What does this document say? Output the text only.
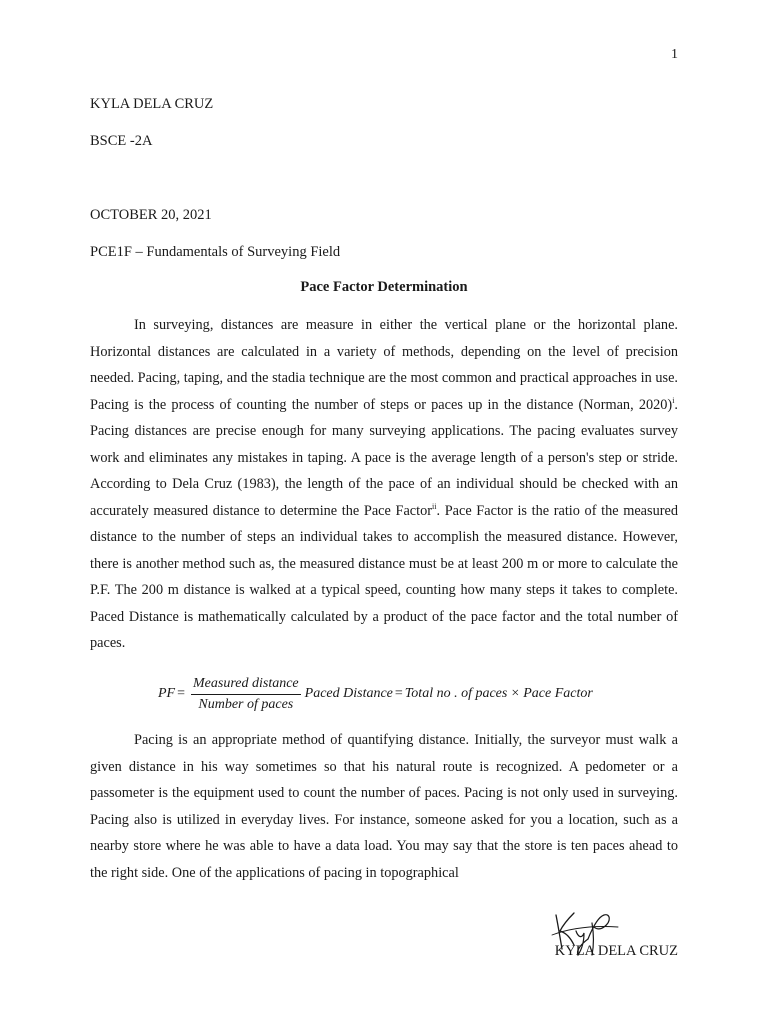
1
KYLA DELA CRUZ
BSCE -2A
OCTOBER 20, 2021
PCE1F – Fundamentals of Surveying Field
Pace Factor Determination

In surveying, distances are measure in either the vertical plane or the horizontal plane. Horizontal distances are calculated in a variety of methods, depending on the level of precision needed. Pacing, taping, and the stadia technique are the most common and practical approaches in use. Pacing is the process of counting the number of steps or paces up in the distance (Norman, 2020)$^i$. Pacing distances are precise enough for many surveying applications. The pacing evaluates survey work and eliminates any mistakes in taping. A pace is the average length of a person's step or stride. According to Dela Cruz (1983), the length of the pace of an individual should be checked with an accurately measured distance to determine the Pace Factor$^{ii}$. Pace Factor is the ratio of the measured distance to the number of steps an individual takes to accomplish the measured distance. However, there is another method such as, the measured distance must be at least 200 m or more to calculate the P.F. The 200 m distance is walked at a typical speed, counting how many steps it takes to complete. Paced Distance is mathematically calculated by a product of the pace factor and the total number of paces.

PF = $\frac{\text{Measured distance}}{\text{Number of paces}}$ Paced Distance = Total no . of paces × Pace Factor

Pacing is an appropriate method of quantifying distance. Initially, the surveyor must walk a given distance in his way sometimes so that his natural route is recognized. A pedometer or a passometer is the equipment used to count the number of paces. Pacing is not only used in surveying. Pacing also is utilized in everyday lives. For instance, someone asked for you a location, such as a nearby store where he was able to have a data load. You may say that the store is ten paces ahead to the right side. One of the applications of pacing in topographical

KYLA DELA CRUZ
